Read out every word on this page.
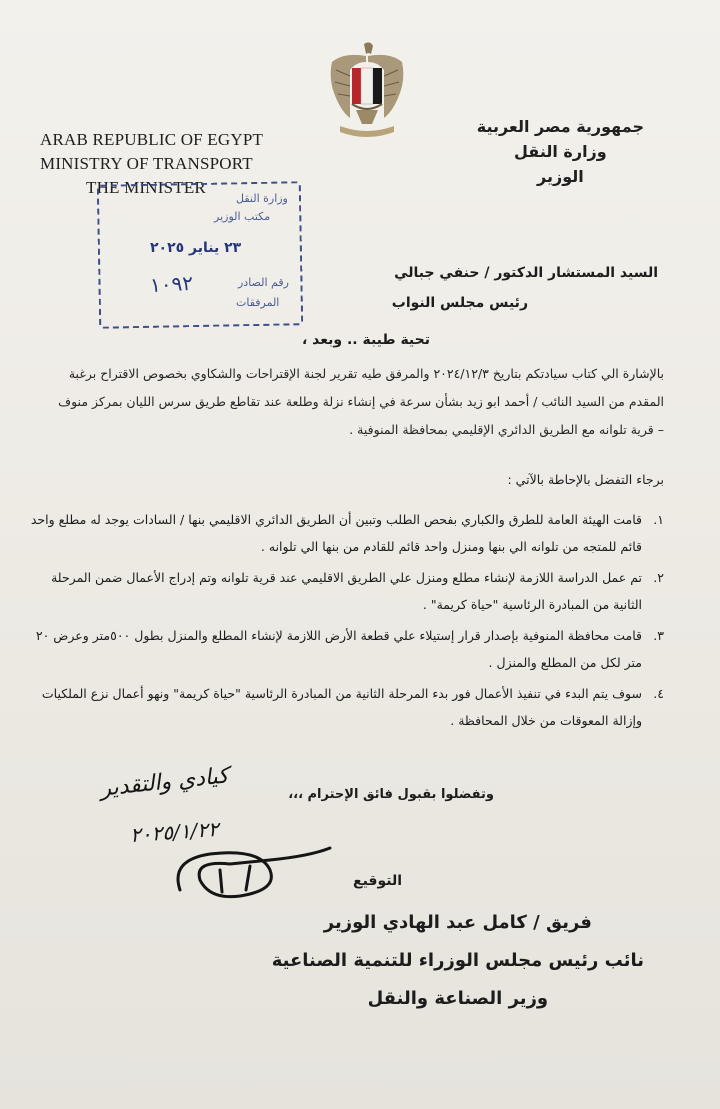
ARAB REPUBLIC OF EGYPT
MINISTRY OF TRANSPORT
THE MINISTER
جمهورية مصر العربية
وزارة النقل
الوزير
وزارة النقل
مكتب الوزير
٢٣ يناير ٢٠٢٥
رقم الصادر
المرفقات
١٠٩٢	السيد المستشار الدكتور / حنفي جبالي
رئيس مجلس النواب
تحية طيبة .. وبعد ،

بالإشارة الي كتاب سيادتكم بتاريخ ٢٠٢٤/١٢/٣ والمرفق طيه تقرير لجنة الإقتراحات والشكاوي بخصوص الاقتراح برغبة المقدم من السيد النائب / أحمد ابو زيد بشأن سرعة في إنشاء نزلة وطلعة عند تقاطع طريق سرس الليان بمركز منوف – قرية تلوانه مع الطريق الدائري الإقليمي بمحافظة المنوفية .

برجاء التفضل بالإحاطة بالآتي :
١.
قامت الهيئة العامة للطرق والكباري بفحص الطلب وتبين أن الطريق الدائري الاقليمي بنها / السادات يوجد له مطلع واحد قائم للمتجه من تلوانه الي بنها ومنزل واحد قائم للقادم من بنها الي تلوانه .
٢.
تم عمل الدراسة اللازمة لإنشاء مطلع ومنزل علي الطريق الاقليمي عند قرية تلوانه وتم إدراج الأعمال ضمن المرحلة الثانية من المبادرة الرئاسية "حياة كريمة" .
٣.
قامت محافظة المنوفية بإصدار قرار إستيلاء علي قطعة الأرض اللازمة لإنشاء المطلع والمنزل بطول ٥٠٠متر وعرض ٢٠ متر لكل من المطلع والمنزل .
٤.
سوف يتم البدء في تنفيذ الأعمال فور بدء المرحلة الثانية من المبادرة الرئاسية "حياة كريمة" ونهو أعمال نزع الملكيات وإزالة المعوقات من خلال المحافظة .
وتفضلوا بقبول فائق الإحترام ،،،
كيادي والتقدير
٢٠٢٥/١/٢٢
التوقيع
فريق / كامل عبد الهادي الوزير
نائب رئيس مجلس الوزراء للتنمية الصناعية
وزير الصناعة والنقل
